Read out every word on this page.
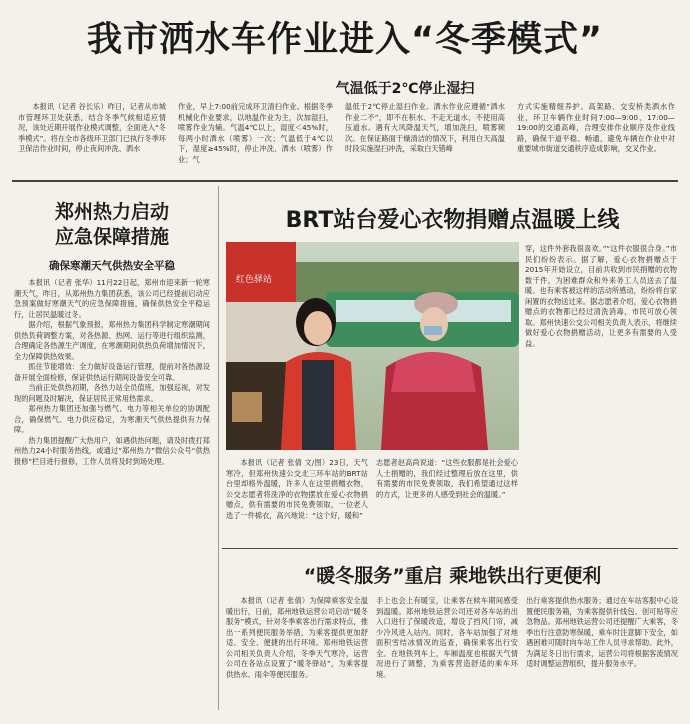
我市洒水车作业进入“冬季模式”
气温低于2℃停止湿扫

本报讯（记者 谷长乐）昨日，记者从市城市管理环卫处获悉，结合冬季气候相适应情况，该处近期开展作业模式调整，全面进入“冬季模式”。将在全市各级环卫部门已执行冬季环卫保洁作业时间，停止夜间冲洗、洒水

作业，早上7:00前完成环卫清扫作业。根据冬季机械化作业要求，以地温作业为主，次加湿扫，喷雾作业为辅。气温4℃以上，湿度＜45%时，每两小时洒水（喷雾）一次；气温低于4℃以下，湿度≥45%时，停止冲洗、洒水（喷雾）作业；气

温低于2℃停止湿扫作业。洒水作业应遵循“洒水作业二不”，即不在积水、不走无道水、不使用高压道水。遇有大风降温天气，增加洗扫，喷雾频次。在保证路面干燥清洁的情况下，利用白天高温时段实施湿扫冲洗，采取白天错峰

方式实施精细养护。高架路、交安桥类洒水作业，环卫车辆作业时间7:00—9:00、17:00—19:00的交通高峰，合理安排作业顺序及作业线路，确保干道平稳、畅通，避免车辆在作业中对重要城市街道交通秩序造成影响，交叉作业。

郑州热力启动
应急保障措施
确保寒潮天气供热安全平稳

本报讯（记者 张华）11月22日起，郑州市迎来新一轮寒潮天气，昨日，从郑州热力集团获悉，该公司已经提前启动应急预案做好寒潮天气的应急保障措施，确保供热安全平稳运行，让居民温暖过冬。

据介绍，根据气象预报，郑州热力集团科学制定寒潮期间供热负荷调整方案，对各热源、热网、运行等进行组织监测，合理确定各热源生产调度，在寒潮期间供热负荷增加情况下，全力保障供热效果。

抓住节能增效：全力做好设备运行管理，提前对各热源设备开展全面检修，保证供热运行期间设备安全可靠。

当前正处供热初期，各热力站全员值班，加强巡视，对发现的问题及时解决，保证居民正常用热需求。

郑州热力集团还加强与燃气、电力等相关单位的协调配合，确保燃气、电力供应稳定，为寒潮天气供热提供有力保障。

热力集团提醒广大热用户，如遇供热问题，请及时拨打郑州热力24小时服务热线，或通过“郑州热力”微信公众号“供热报修”栏目进行报修，工作人员将及时到场处理。

BRT站台爱心衣物捐赠点温暖上线
红色驿站

穿，这件外套我很喜欢。”“这件衣服很合身。”市民们纷纷表示。据了解，爱心衣物捐赠点于2015年开始设立，目前共收到市民捐赠的衣物数千件，为困难群众和外来务工人员送去了温暖。也有乘客被这样的活动所感动，纷纷将自家闲置的衣物送过来。据志愿者介绍，爱心衣物捐赠点的衣物都已经过清洗消毒，市民可放心领取。郑州快速公交公司相关负责人表示，将继续做好爱心衣物捐赠活动，让更多有需要的人受益。

本报讯（记者 张倩 文/图）23日，天气寒冷，但郑州快速公交北三环车站的BRT站台里却格外温暖，许多人在这里捐赠衣物，公交志愿者将洗净的衣物摆放在爱心衣物捐赠点，供有需要的市民免费领取，一位老人选了一件棉衣，高兴地说：“这个好，暖和”

志愿者赵高尚说道：“这些衣服都是社会爱心人士捐赠的，我们经过整理后放在这里，供有需要的市民免费领取，我们希望通过这样的方式，让更多的人感受到社会的温暖。”

“暖冬服务”重启 乘地铁出行更便利

本报讯（记者 张倩）为保障乘客安全温暖出行，日前，郑州地铁运营公司启动“暖冬服务”模式，针对冬季乘客出行需求特点，推出一系列便民服务举措，为乘客提供更加舒适、安全、便捷的出行环境。郑州地铁运营公司相关负责人介绍，冬季天气寒冷，运营公司在各站点设置了“暖冬驿站”，为乘客提供热水、雨伞等便民服务。

手上也会上有暖宝，让乘客在候车期间感受到温暖。郑州地铁运营公司还对各车站的出入口进行了保暖改造，增设了挡风门帘，减少冷风进入站内。同时，各车站加强了对地面积雪结冰情况的巡查，确保乘客出行安全。在地铁列车上，车厢温度也根据天气情况进行了调整，为乘客营造舒适的乘车环境。

出行乘客提供热水服务；通过在车站客服中心设置便民服务箱，为乘客提供针线包、创可贴等应急物品。郑州地铁运营公司还提醒广大乘客，冬季出行注意防寒保暖，乘车时注意脚下安全，如遇困难可随时向车站工作人员寻求帮助。此外，为满足冬日出行需求，运营公司将根据客流情况适时调整运营组织，提升服务水平。
